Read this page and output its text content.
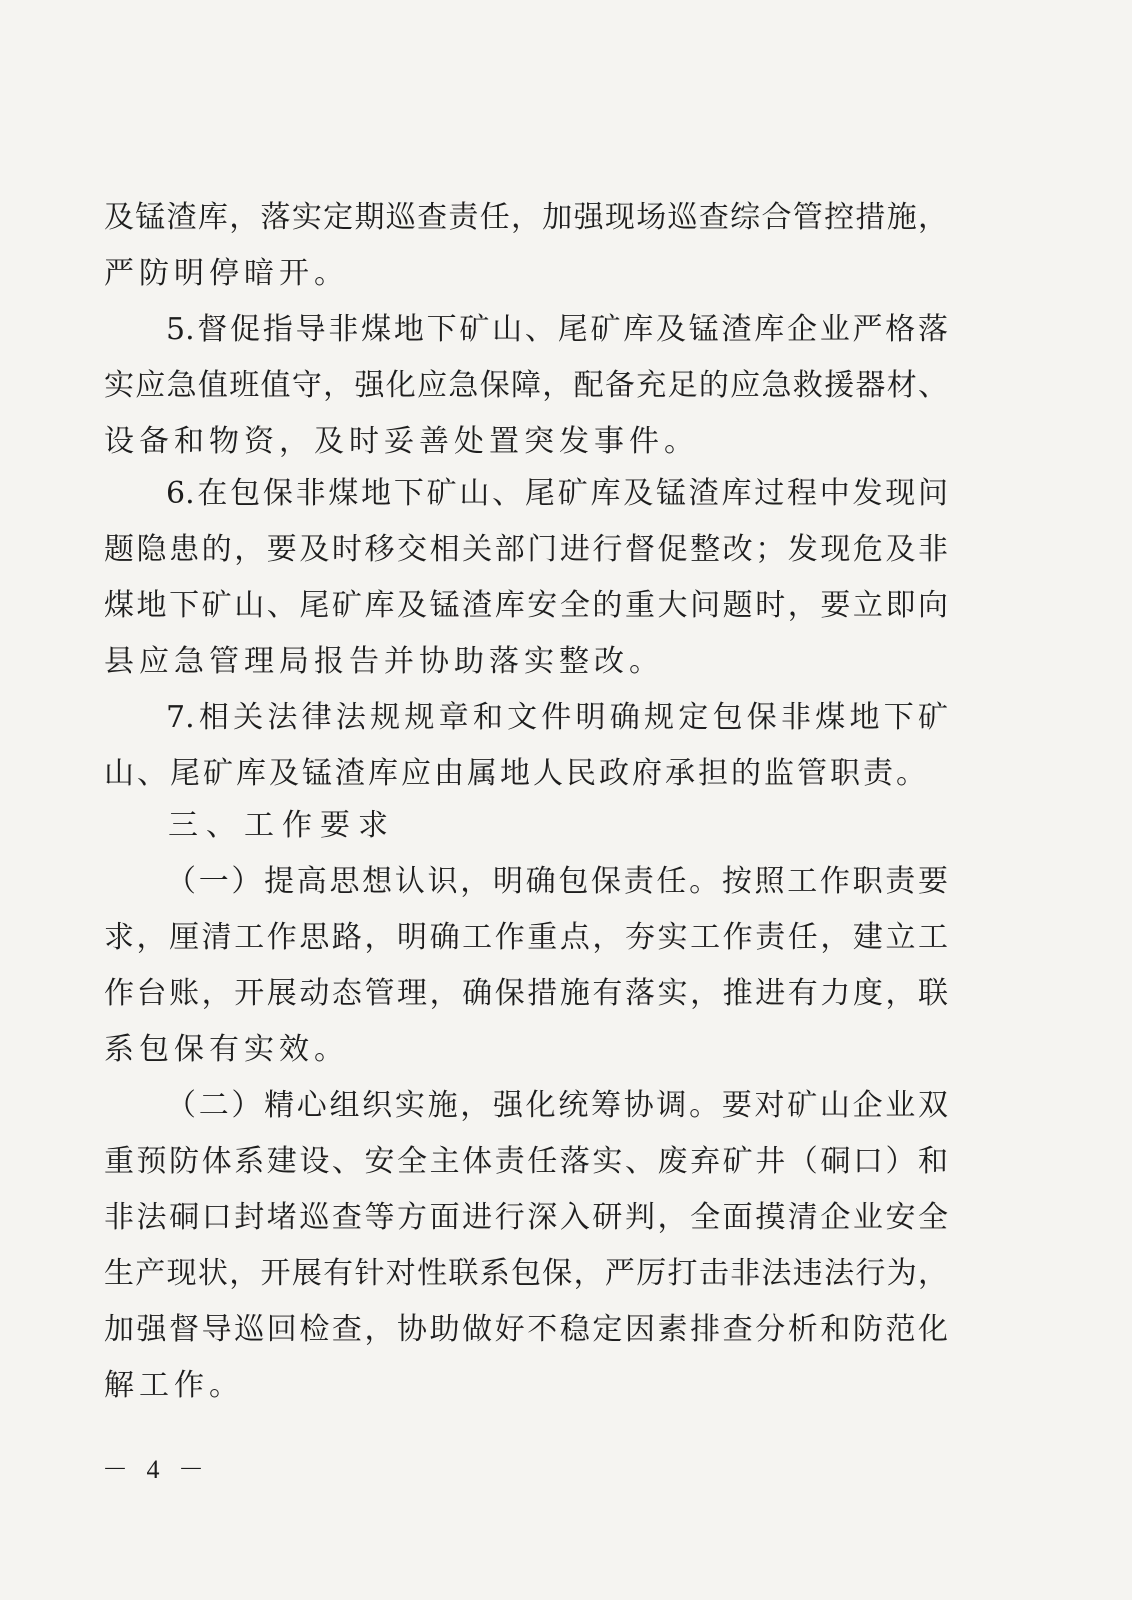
及锰渣库，落实定期巡查责任，加强现场巡查综合管控措施，
严防明停暗开。
5.督促指导非煤地下矿山、尾矿库及锰渣库企业严格落
实应急值班值守，强化应急保障，配备充足的应急救援器材、
设备和物资，及时妥善处置突发事件。
6.在包保非煤地下矿山、尾矿库及锰渣库过程中发现问
题隐患的，要及时移交相关部门进行督促整改；发现危及非
煤地下矿山、尾矿库及锰渣库安全的重大问题时，要立即向
县应急管理局报告并协助落实整改。
7.相关法律法规规章和文件明确规定包保非煤地下矿
山、尾矿库及锰渣库应由属地人民政府承担的监管职责。
三、工作要求
（一）提高思想认识，明确包保责任。按照工作职责要
求，厘清工作思路，明确工作重点，夯实工作责任，建立工
作台账，开展动态管理，确保措施有落实，推进有力度，联
系包保有实效。
（二）精心组织实施，强化统筹协调。要对矿山企业双
重预防体系建设、安全主体责任落实、废弃矿井（硐口）和
非法硐口封堵巡查等方面进行深入研判，全面摸清企业安全
生产现状，开展有针对性联系包保，严厉打击非法违法行为，
加强督导巡回检查，协助做好不稳定因素排查分析和防范化
解工作。
－ 4 －
